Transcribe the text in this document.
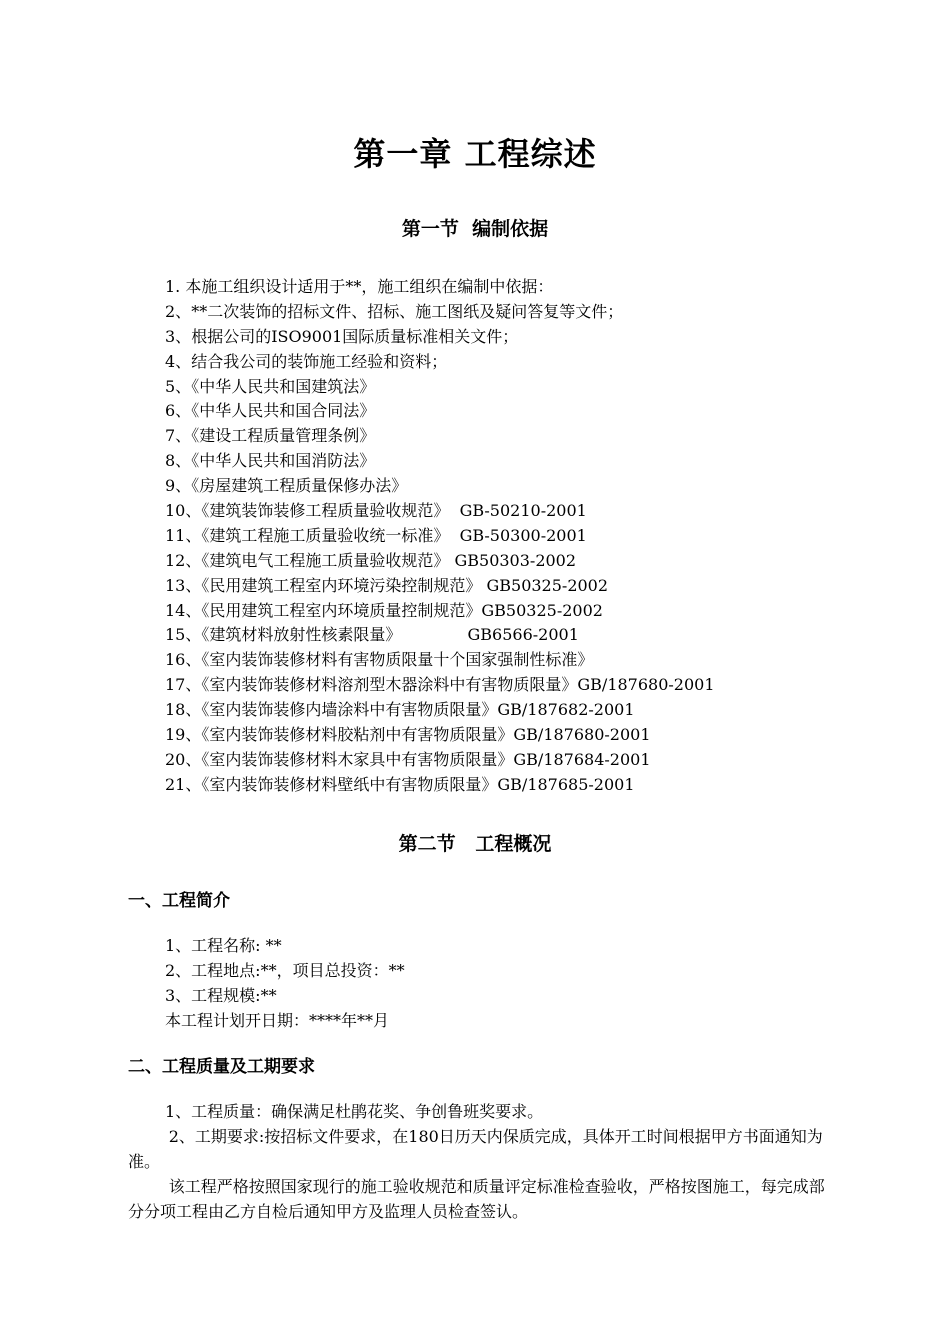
第一章 工程综述
第一节  编制依据
1. 本施工组织设计适用于**，施工组织在编制中依据：
2、**二次装饰的招标文件、招标、施工图纸及疑问答复等文件；
3、根据公司的ISO9001国际质量标准相关文件；
4、结合我公司的装饰施工经验和资料；
5、《中华人民共和国建筑法》
6、《中华人民共和国合同法》
7、《建设工程质量管理条例》
8、《中华人民共和国消防法》
9、《房屋建筑工程质量保修办法》
10、《建筑装饰装修工程质量验收规范》  GB-50210-2001
11、《建筑工程施工质量验收统一标准》  GB-50300-2001
12、《建筑电气工程施工质量验收规范》 GB50303-2002
13、《民用建筑工程室内环境污染控制规范》 GB50325-2002
14、《民用建筑工程室内环境质量控制规范》GB50325-2002
15、《建筑材料放射性核素限量》             GB6566-2001
16、《室内装饰装修材料有害物质限量十个国家强制性标准》
17、《室内装饰装修材料溶剂型木器涂料中有害物质限量》GB/187680-2001
18、《室内装饰装修内墙涂料中有害物质限量》GB/187682-2001
19、《室内装饰装修材料胶粘剂中有害物质限量》GB/187680-2001
20、《室内装饰装修材料木家具中有害物质限量》GB/187684-2001
21、《室内装饰装修材料壁纸中有害物质限量》GB/187685-2001
第二节   工程概况
一、工程简介
1、工程名称: **
2、工程地点:**，项目总投资：**
3、工程规模:**
本工程计划开日期：****年**月
二、工程质量及工期要求
1、工程质量：确保满足杜鹃花奖、争创鲁班奖要求。
2、工期要求:按招标文件要求，在180日历天内保质完成，具体开工时间根据甲方书面通知为准。
该工程严格按照国家现行的施工验收规范和质量评定标准检查验收，严格按图施工，每完成部分分项工程由乙方自检后通知甲方及监理人员检查签认。
